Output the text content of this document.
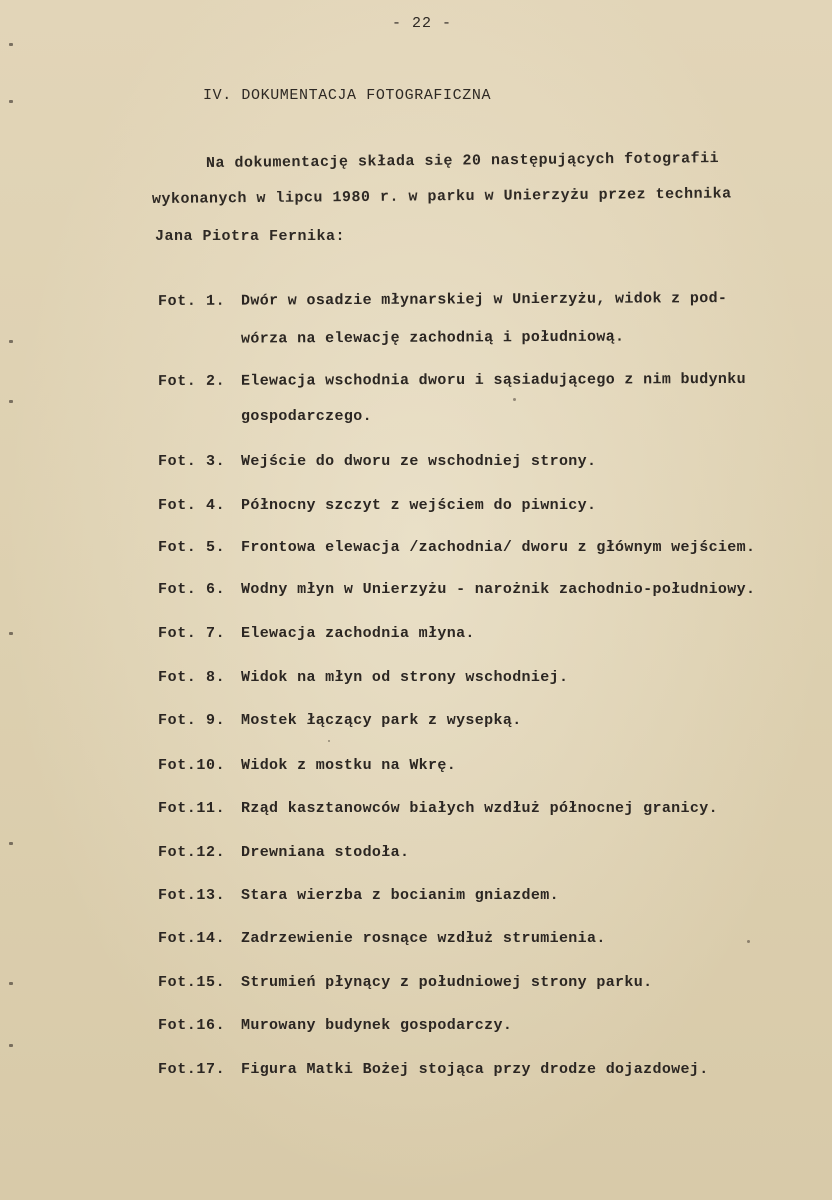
- 22 -
IV. DOKUMENTACJA FOTOGRAFICZNA
Na dokumentację składa się 20 następujących fotografii
wykonanych w lipcu 1980 r. w parku w Unierzyżu przez technika
Jana Piotra Fernika:
Fot. 1. Dwór w osadzie młynarskiej w Unierzyżu, widok z pod-
wórza na elewację zachodnią i południową.
Fot. 2. Elewacja wschodnia dworu i sąsiadującego z nim budynku
gospodarczego.
Fot. 3. Wejście do dworu ze wschodniej strony.
Fot. 4. Północny szczyt z wejściem do piwnicy.
Fot. 5. Frontowa elewacja /zachodnia/ dworu z głównym wejściem.
Fot. 6. Wodny młyn w Unierzyżu - narożnik zachodnio-południowy.
Fot. 7. Elewacja zachodnia młyna.
Fot. 8. Widok na młyn od strony wschodniej.
Fot. 9. Mostek łączący park z wysepką.
Fot.10. Widok z mostku na Wkrę.
Fot.11. Rząd kasztanowców białych wzdłuż północnej granicy.
Fot.12. Drewniana stodoła.
Fot.13. Stara wierzba z bocianim gniazdem.
Fot.14. Zadrzewienie rosnące wzdłuż strumienia.
Fot.15. Strumień płynący z południowej strony parku.
Fot.16. Murowany budynek gospodarczy.
Fot.17. Figura Matki Bożej stojąca przy drodze dojazdowej.
